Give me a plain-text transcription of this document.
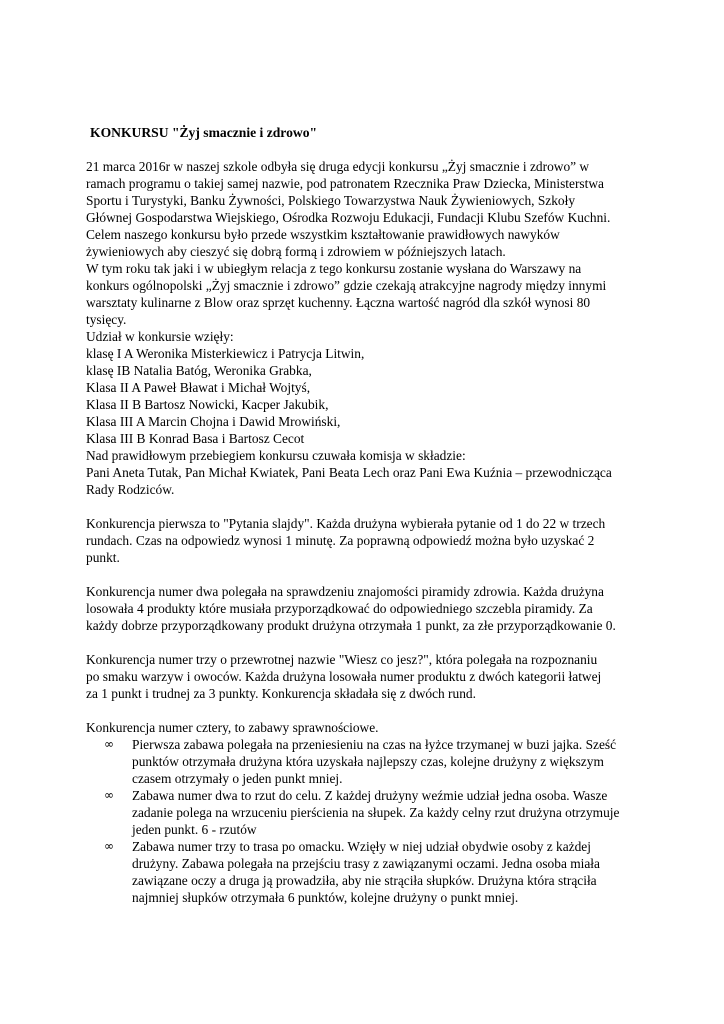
KONKURSU "Żyj smacznie i zdrowo"
21 marca 2016r w naszej szkole odbyła się druga edycji konkursu „Żyj smacznie i zdrowo” w
ramach programu o takiej samej nazwie, pod patronatem Rzecznika Praw Dziecka, Ministerstwa
Sportu i Turystyki, Banku Żywności, Polskiego Towarzystwa Nauk Żywieniowych, Szkoły
Głównej Gospodarstwa Wiejskiego, Ośrodka Rozwoju Edukacji, Fundacji Klubu Szefów Kuchni.
Celem naszego konkursu było przede wszystkim kształtowanie prawidłowych nawyków
żywieniowych aby cieszyć się dobrą formą i zdrowiem w późniejszych latach.
W tym roku tak jaki i w ubiegłym relacja z tego konkursu zostanie wysłana do Warszawy na
konkurs ogólnopolski „Żyj smacznie i zdrowo” gdzie czekają atrakcyjne nagrody między innymi
warsztaty kulinarne z Blow oraz sprzęt kuchenny. Łączna wartość nagród dla szkół wynosi 80
tysięcy.
Udział w konkursie wzięły:
klasę I A Weronika Misterkiewicz i Patrycja Litwin,
klasę IB Natalia Batóg, Weronika Grabka,
Klasa II A Paweł Bławat i Michał Wojtyś,
Klasa II B Bartosz Nowicki, Kacper Jakubik,
Klasa III A Marcin Chojna i Dawid Mrowiński,
Klasa III B Konrad Basa i Bartosz Cecot
Nad prawidłowym przebiegiem konkursu czuwała komisja w składzie:
Pani Aneta Tutak, Pan Michał Kwiatek, Pani Beata Lech oraz Pani Ewa Kuźnia – przewodnicząca
Rady Rodziców.
Konkurencja pierwsza to "Pytania slajdy". Każda drużyna wybierała pytanie od 1 do 22 w trzech
rundach. Czas na odpowiedz wynosi 1 minutę. Za poprawną odpowiedź można było uzyskać 2
punkt.
Konkurencja numer dwa polegała na sprawdzeniu znajomości piramidy zdrowia. Każda drużyna
losowała 4 produkty które musiała przyporządkować do odpowiedniego szczebla piramidy. Za
każdy dobrze przyporządkowany produkt drużyna otrzymała 1 punkt, za złe przyporządkowanie 0.
Konkurencja numer trzy o przewrotnej nazwie "Wiesz co jesz?", która polegała na rozpoznaniu
po smaku warzyw i owoców. Każda drużyna losowała numer produktu z dwóch kategorii łatwej
za 1 punkt i trudnej za 3 punkty. Konkurencja składała się z dwóch rund.
Konkurencja numer cztery, to zabawy sprawnościowe.
∞ Pierwsza zabawa polegała na przeniesieniu na czas na łyżce trzymanej w buzi jajka. Sześć
punktów otrzymała drużyna która uzyskała najlepszy czas, kolejne drużyny z większym
czasem otrzymały o jeden punkt mniej.
∞ Zabawa numer dwa to rzut do celu. Z każdej drużyny weźmie udział jedna osoba. Wasze
zadanie polega na wrzuceniu pierścienia na słupek. Za każdy celny rzut drużyna otrzymuje
jeden punkt. 6 - rzutów
∞ Zabawa numer trzy to trasa po omacku. Wzięły w niej udział obydwie osoby z każdej
drużyny. Zabawa polegała na przejściu trasy z zawiązanymi oczami. Jedna osoba miała
zawiązane oczy a druga ją prowadziła, aby nie strąciła słupków. Drużyna która strąciła
najmniej słupków otrzymała 6 punktów, kolejne drużyny o punkt mniej.
